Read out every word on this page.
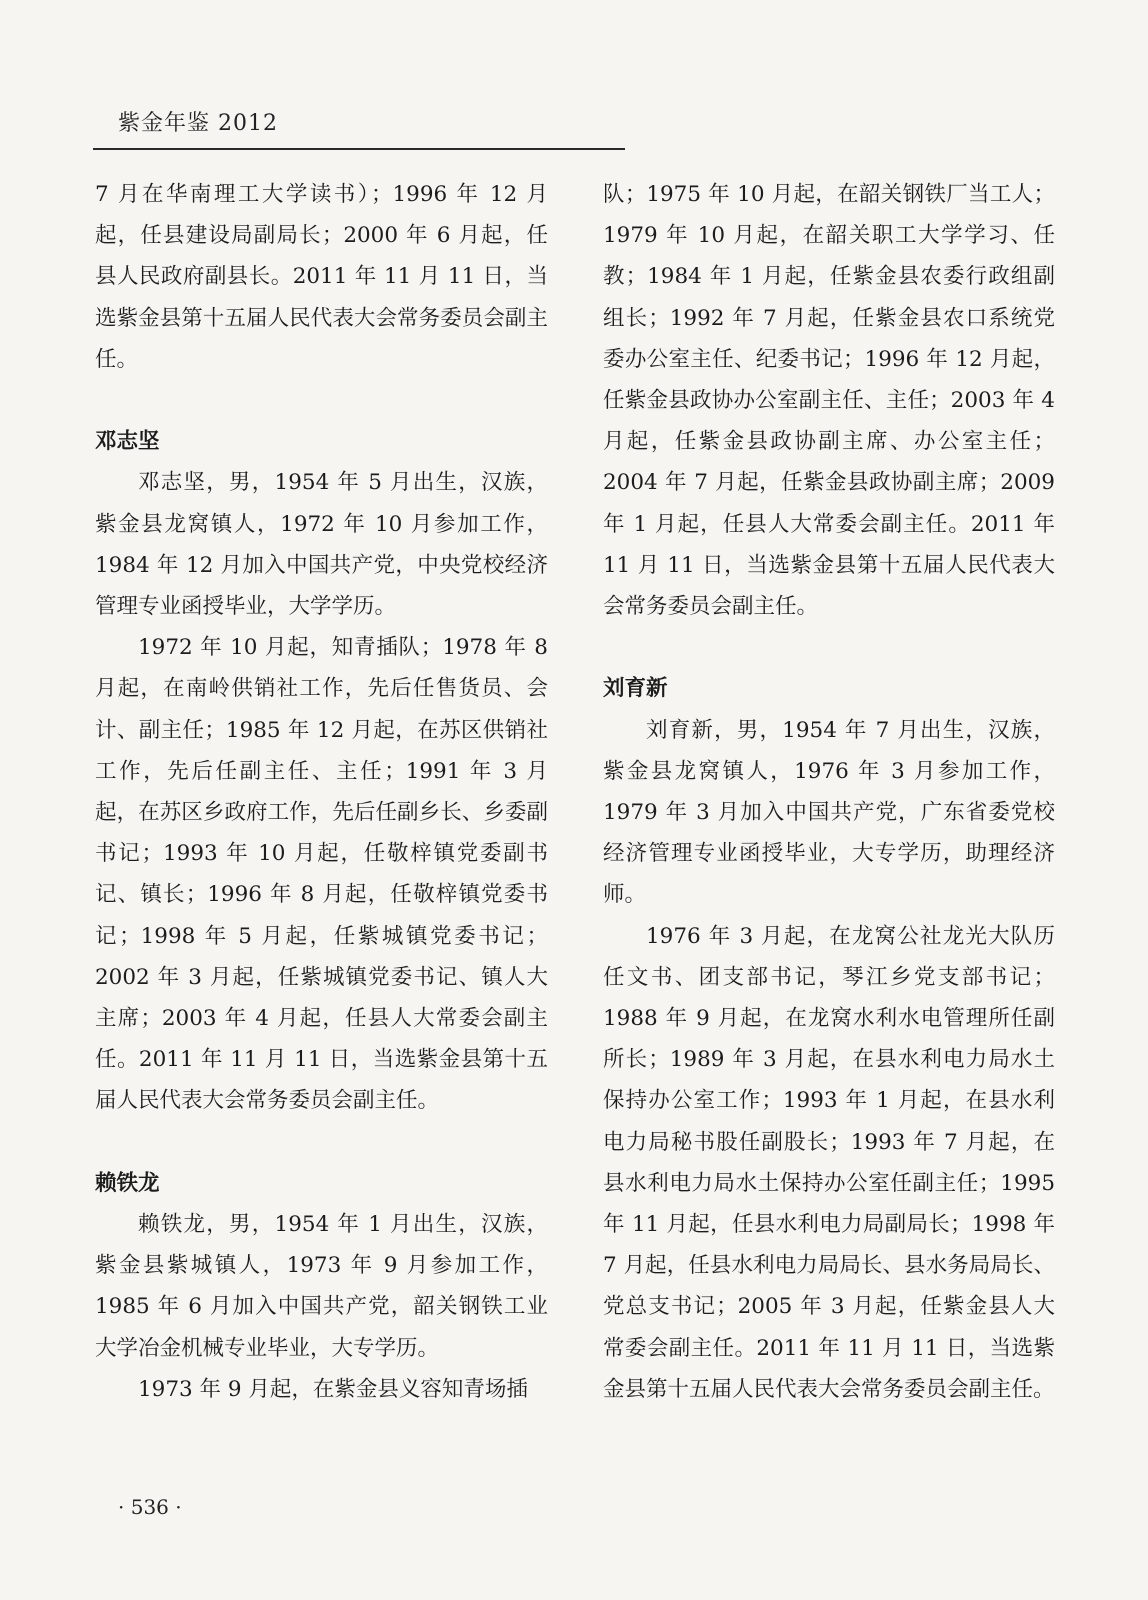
紫金年鉴 2012

7 月在华南理工大学读书）；1996 年 12 月起，任县建设局副局长；2000 年 6 月起，任县人民政府副县长。2011 年 11 月 11 日，当选紫金县第十五届人民代表大会常务委员会副主任。

邓志坚

邓志坚，男，1954 年 5 月出生，汉族，紫金县龙窝镇人，1972 年 10 月参加工作，1984 年 12 月加入中国共产党，中央党校经济管理专业函授毕业，大学学历。

1972 年 10 月起，知青插队；1978 年 8 月起，在南岭供销社工作，先后任售货员、会计、副主任；1985 年 12 月起，在苏区供销社工作，先后任副主任、主任；1991 年 3 月起，在苏区乡政府工作，先后任副乡长、乡委副书记；1993 年 10 月起，任敬梓镇党委副书记、镇长；1996 年 8 月起，任敬梓镇党委书记；1998 年 5 月起，任紫城镇党委书记；2002 年 3 月起，任紫城镇党委书记、镇人大主席；2003 年 4 月起，任县人大常委会副主任。2011 年 11 月 11 日，当选紫金县第十五届人民代表大会常务委员会副主任。

赖铁龙

赖铁龙，男，1954 年 1 月出生，汉族，紫金县紫城镇人，1973 年 9 月参加工作，1985 年 6 月加入中国共产党，韶关钢铁工业大学冶金机械专业毕业，大专学历。

1973 年 9 月起，在紫金县义容知青场插

队；1975 年 10 月起，在韶关钢铁厂当工人；1979 年 10 月起，在韶关职工大学学习、任教；1984 年 1 月起，任紫金县农委行政组副组长；1992 年 7 月起，任紫金县农口系统党委办公室主任、纪委书记；1996 年 12 月起，任紫金县政协办公室副主任、主任；2003 年 4 月起，任紫金县政协副主席、办公室主任；2004 年 7 月起，任紫金县政协副主席；2009 年 1 月起，任县人大常委会副主任。2011 年 11 月 11 日，当选紫金县第十五届人民代表大会常务委员会副主任。

刘育新

刘育新，男，1954 年 7 月出生，汉族，紫金县龙窝镇人，1976 年 3 月参加工作，1979 年 3 月加入中国共产党，广东省委党校经济管理专业函授毕业，大专学历，助理经济师。

1976 年 3 月起，在龙窝公社龙光大队历任文书、团支部书记，琴江乡党支部书记；1988 年 9 月起，在龙窝水利水电管理所任副所长；1989 年 3 月起，在县水利电力局水土保持办公室工作；1993 年 1 月起，在县水利电力局秘书股任副股长；1993 年 7 月起，在县水利电力局水土保持办公室任副主任；1995 年 11 月起，任县水利电力局副局长；1998 年 7 月起，任县水利电力局局长、县水务局局长、党总支书记；2005 年 3 月起，任紫金县人大常委会副主任。2011 年 11 月 11 日，当选紫金县第十五届人民代表大会常务委员会副主任。

· 536 ·
